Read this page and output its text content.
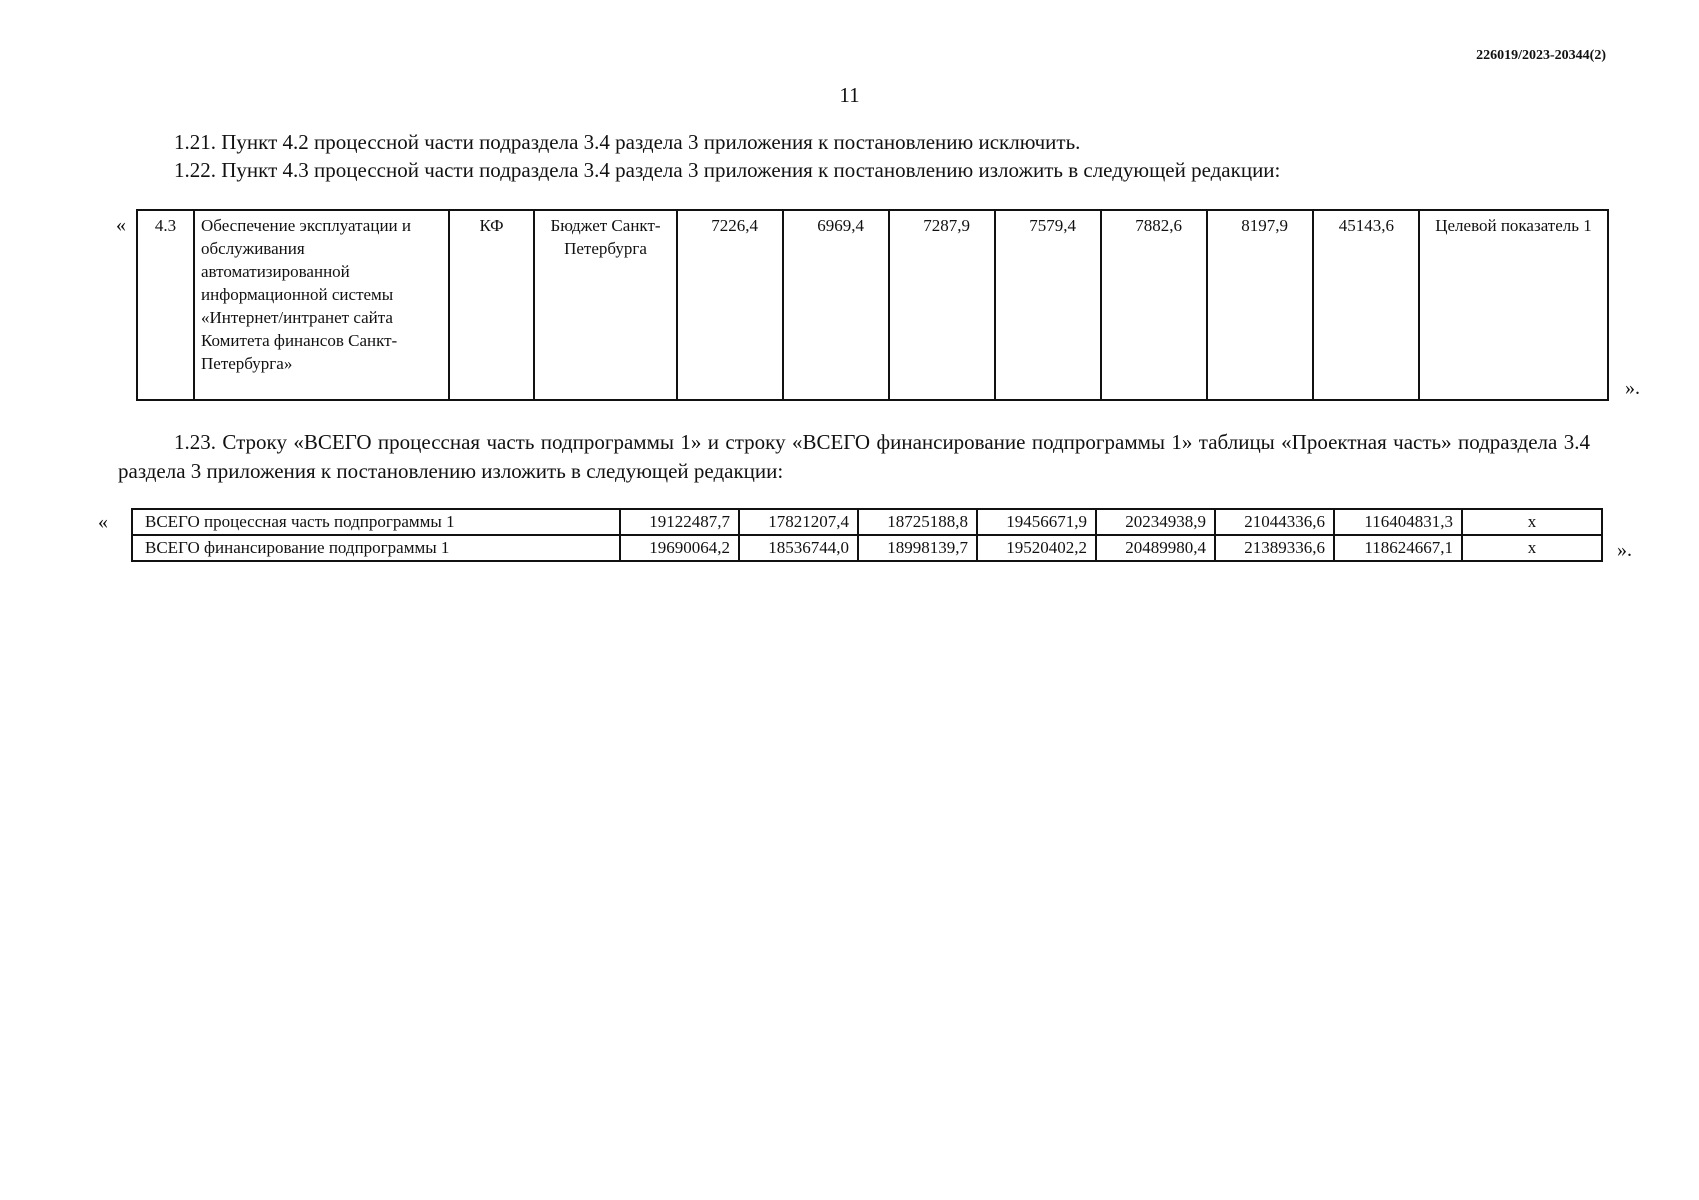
226019/2023-20344(2)
11
1.21. Пункт 4.2 процессной части подраздела 3.4 раздела 3 приложения к постановлению исключить.
1.22. Пункт 4.3 процессной части подраздела 3.4 раздела 3 приложения к постановлению изложить в следующей редакции:
« 4.3	Обеспечение эксплуатации и обслуживания автоматизированной информационной системы «Интернет/интранет сайта Комитета финансов Санкт-Петербурга»	КФ	Бюджет Санкт-Петербурга	7226,4	6969,4	7287,9	7579,4	7882,6	8197,9	45143,6	Целевой показатель 1
».
1.23. Строку «ВСЕГО процессная часть подпрограммы 1» и строку «ВСЕГО финансирование подпрограммы 1» таблицы «Проектная часть» подраздела 3.4 раздела 3 приложения к постановлению изложить в следующей редакции:
« ВСЕГО процессная часть подпрограммы 1	19122487,7	17821207,4	18725188,8	19456671,9	20234938,9	21044336,6	116404831,3	x
ВСЕГО финансирование подпрограммы 1	19690064,2	18536744,0	18998139,7	19520402,2	20489980,4	21389336,6	118624667,1	x	».
